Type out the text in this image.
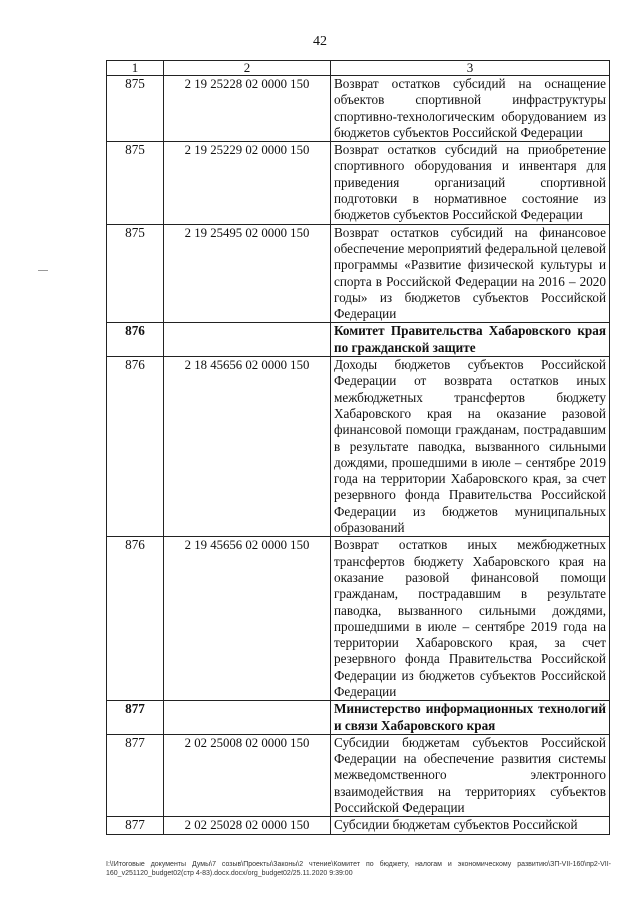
42
1	2	3
875	2 19 25228 02 0000 150	Возврат остатков субсидий на оснащение объектов спортивной инфраструктуры спортивно-технологическим оборудованием из бюджетов субъектов Российской Федерации
875	2 19 25229 02 0000 150	Возврат остатков субсидий на приобретение спортивного оборудования и инвентаря для приведения организаций спортивной подготовки в нормативное состояние из бюджетов субъектов Российской Федерации
875	2 19 25495 02 0000 150	Возврат остатков субсидий на финансовое обеспечение мероприятий федеральной целевой программы «Развитие физической культуры и спорта в Российской Федерации на 2016 – 2020 годы» из бюджетов субъектов Российской Федерации
876		Комитет Правительства Хабаровского края по гражданской защите
876	2 18 45656 02 0000 150	Доходы бюджетов субъектов Российской Федерации от возврата остатков иных межбюджетных трансфертов бюджету Хабаровского края на оказание разовой финансовой помощи гражданам, пострадавшим в результате паводка, вызванного сильными дождями, прошедшими в июле – сентябре 2019 года на территории Хабаровского края, за счет резервного фонда Правительства Российской Федерации из бюджетов муниципальных образований
876	2 19 45656 02 0000 150	Возврат остатков иных межбюджетных трансфертов бюджету Хабаровского края на оказание разовой финансовой помощи гражданам, пострадавшим в результате паводка, вызванного сильными дождями, прошедшими в июле – сентябре 2019 года на территории Хабаровского края, за счет резервного фонда Правительства Российской Федерации из бюджетов субъектов Российской Федерации
877		Министерство информационных технологий и связи Хабаровского края
877	2 02 25008 02 0000 150	Субсидии бюджетам субъектов Российской Федерации на обеспечение развития системы межведомственного электронного взаимодействия на территориях субъектов Российской Федерации
877	2 02 25028 02 0000 150	Субсидии бюджетам субъектов Российской
I:\!Итоговые документы Думы\7 созыв\Проекты\Законы\2 чтение\Комитет по бюджету, налогам и экономическому развитию\ЗП-VII-160\пр2-VII-160_v251120_budget02(стр 4-83).docx.docx/org_budget02/25.11.2020 9:39:00
